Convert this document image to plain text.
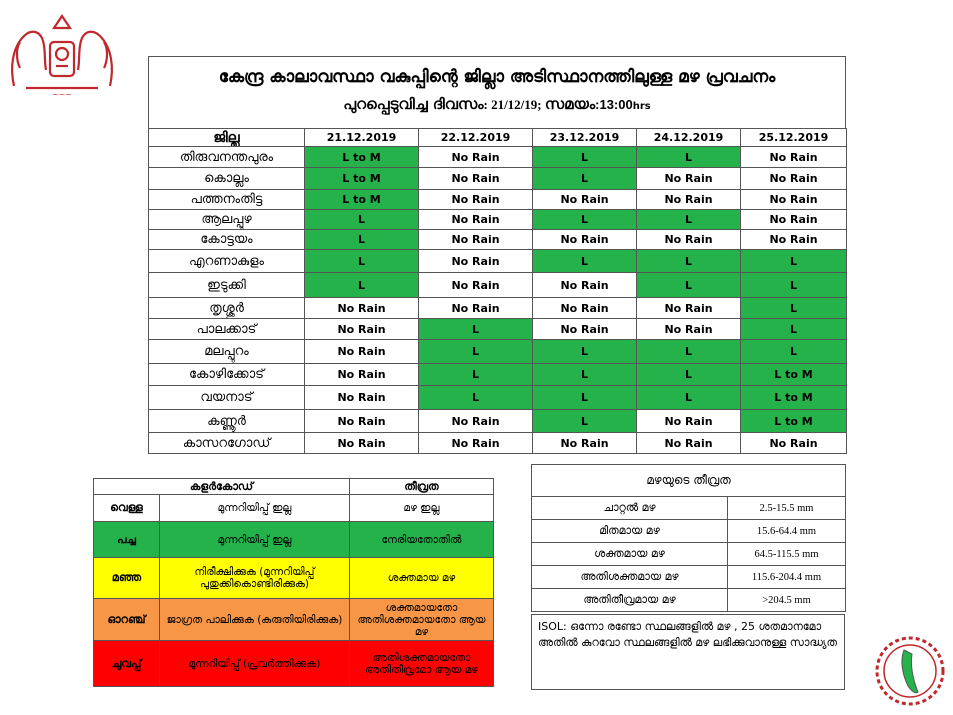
~~~
കേന്ദ്ര കാലാവസ്ഥാ വകുപ്പിന്റെ ജില്ലാ അടിസ്ഥാനത്തിലുള്ള മഴ പ്രവചനം
പുറപ്പെടുവിച്ച ദിവസം: 21/12/19; സമയം:13:00hrs
ജില്ല	21.12.2019	22.12.2019	23.12.2019	24.12.2019	25.12.2019
തിരുവനന്തപുരം	L to M	No Rain	L	L	No Rain
കൊല്ലം	L to M	No Rain	L	No Rain	No Rain
പത്തനംതിട്ട	L to M	No Rain	No Rain	No Rain	No Rain
ആലപ്പുഴ	L	No Rain	L	L	No Rain
കോട്ടയം	L	No Rain	No Rain	No Rain	No Rain
എറണാകുളം	L	No Rain	L	L	L
ഇടുക്കി	L	No Rain	No Rain	L	L
തൃശ്ശൂർ	No Rain	No Rain	No Rain	No Rain	L
പാലക്കാട്	No Rain	L	No Rain	No Rain	L
മലപ്പുറം	No Rain	L	L	L	L
കോഴിക്കോട്	No Rain	L	L	L	L to M
വയനാട്	No Rain	L	L	L	L to M
കണ്ണൂർ	No Rain	No Rain	L	No Rain	L to M
കാസറഗോഡ്	No Rain	No Rain	No Rain	No Rain	No Rain
കളർകോഡ്		തീവ്രത
വെള്ള	മുന്നറിയിപ്പ് ഇല്ല	മഴ ഇല്ല
പച്ച	മുന്നറിയിപ്പ് ഇല്ല	നേരിയതോതിൽ
മഞ്ഞ	നിരീക്ഷിക്കുക (മുന്നറിയിപ്പ് പുതുക്കികൊണ്ടിരിക്കുക)	ശക്തമായ മഴ
ഓറഞ്ച്	ജാഗ്രത പാലിക്കുക (കരുതിയിരിക്കുക)	ശക്തമായതോ അതിശക്തമായതോ ആയ മഴ
ചുവപ്പ്	മുന്നറിയിപ്പ് (പ്രവർത്തിക്കുക)	അതിശക്തമായതോ അതിതീവ്രമോ ആയ മഴ
മഴയുടെ തീവ്രത	
ചാറ്റൽ മഴ	2.5-15.5 mm
മിതമായ മഴ	15.6-64.4 mm
ശക്തമായ മഴ	64.5-115.5 mm
അതിശക്തമായ മഴ	115.6-204.4 mm
അതിതീവ്രമായ മഴ	>204.5 mm
ISOL: ഒന്നോ രണ്ടോ സ്ഥലങ്ങളിൽ മഴ , 25 ശതമാനമോ അതിൽ കുറവോ സ്ഥലങ്ങളിൽ മഴ ലഭിക്കുവാനുള്ള സാദ്ധ്യത
